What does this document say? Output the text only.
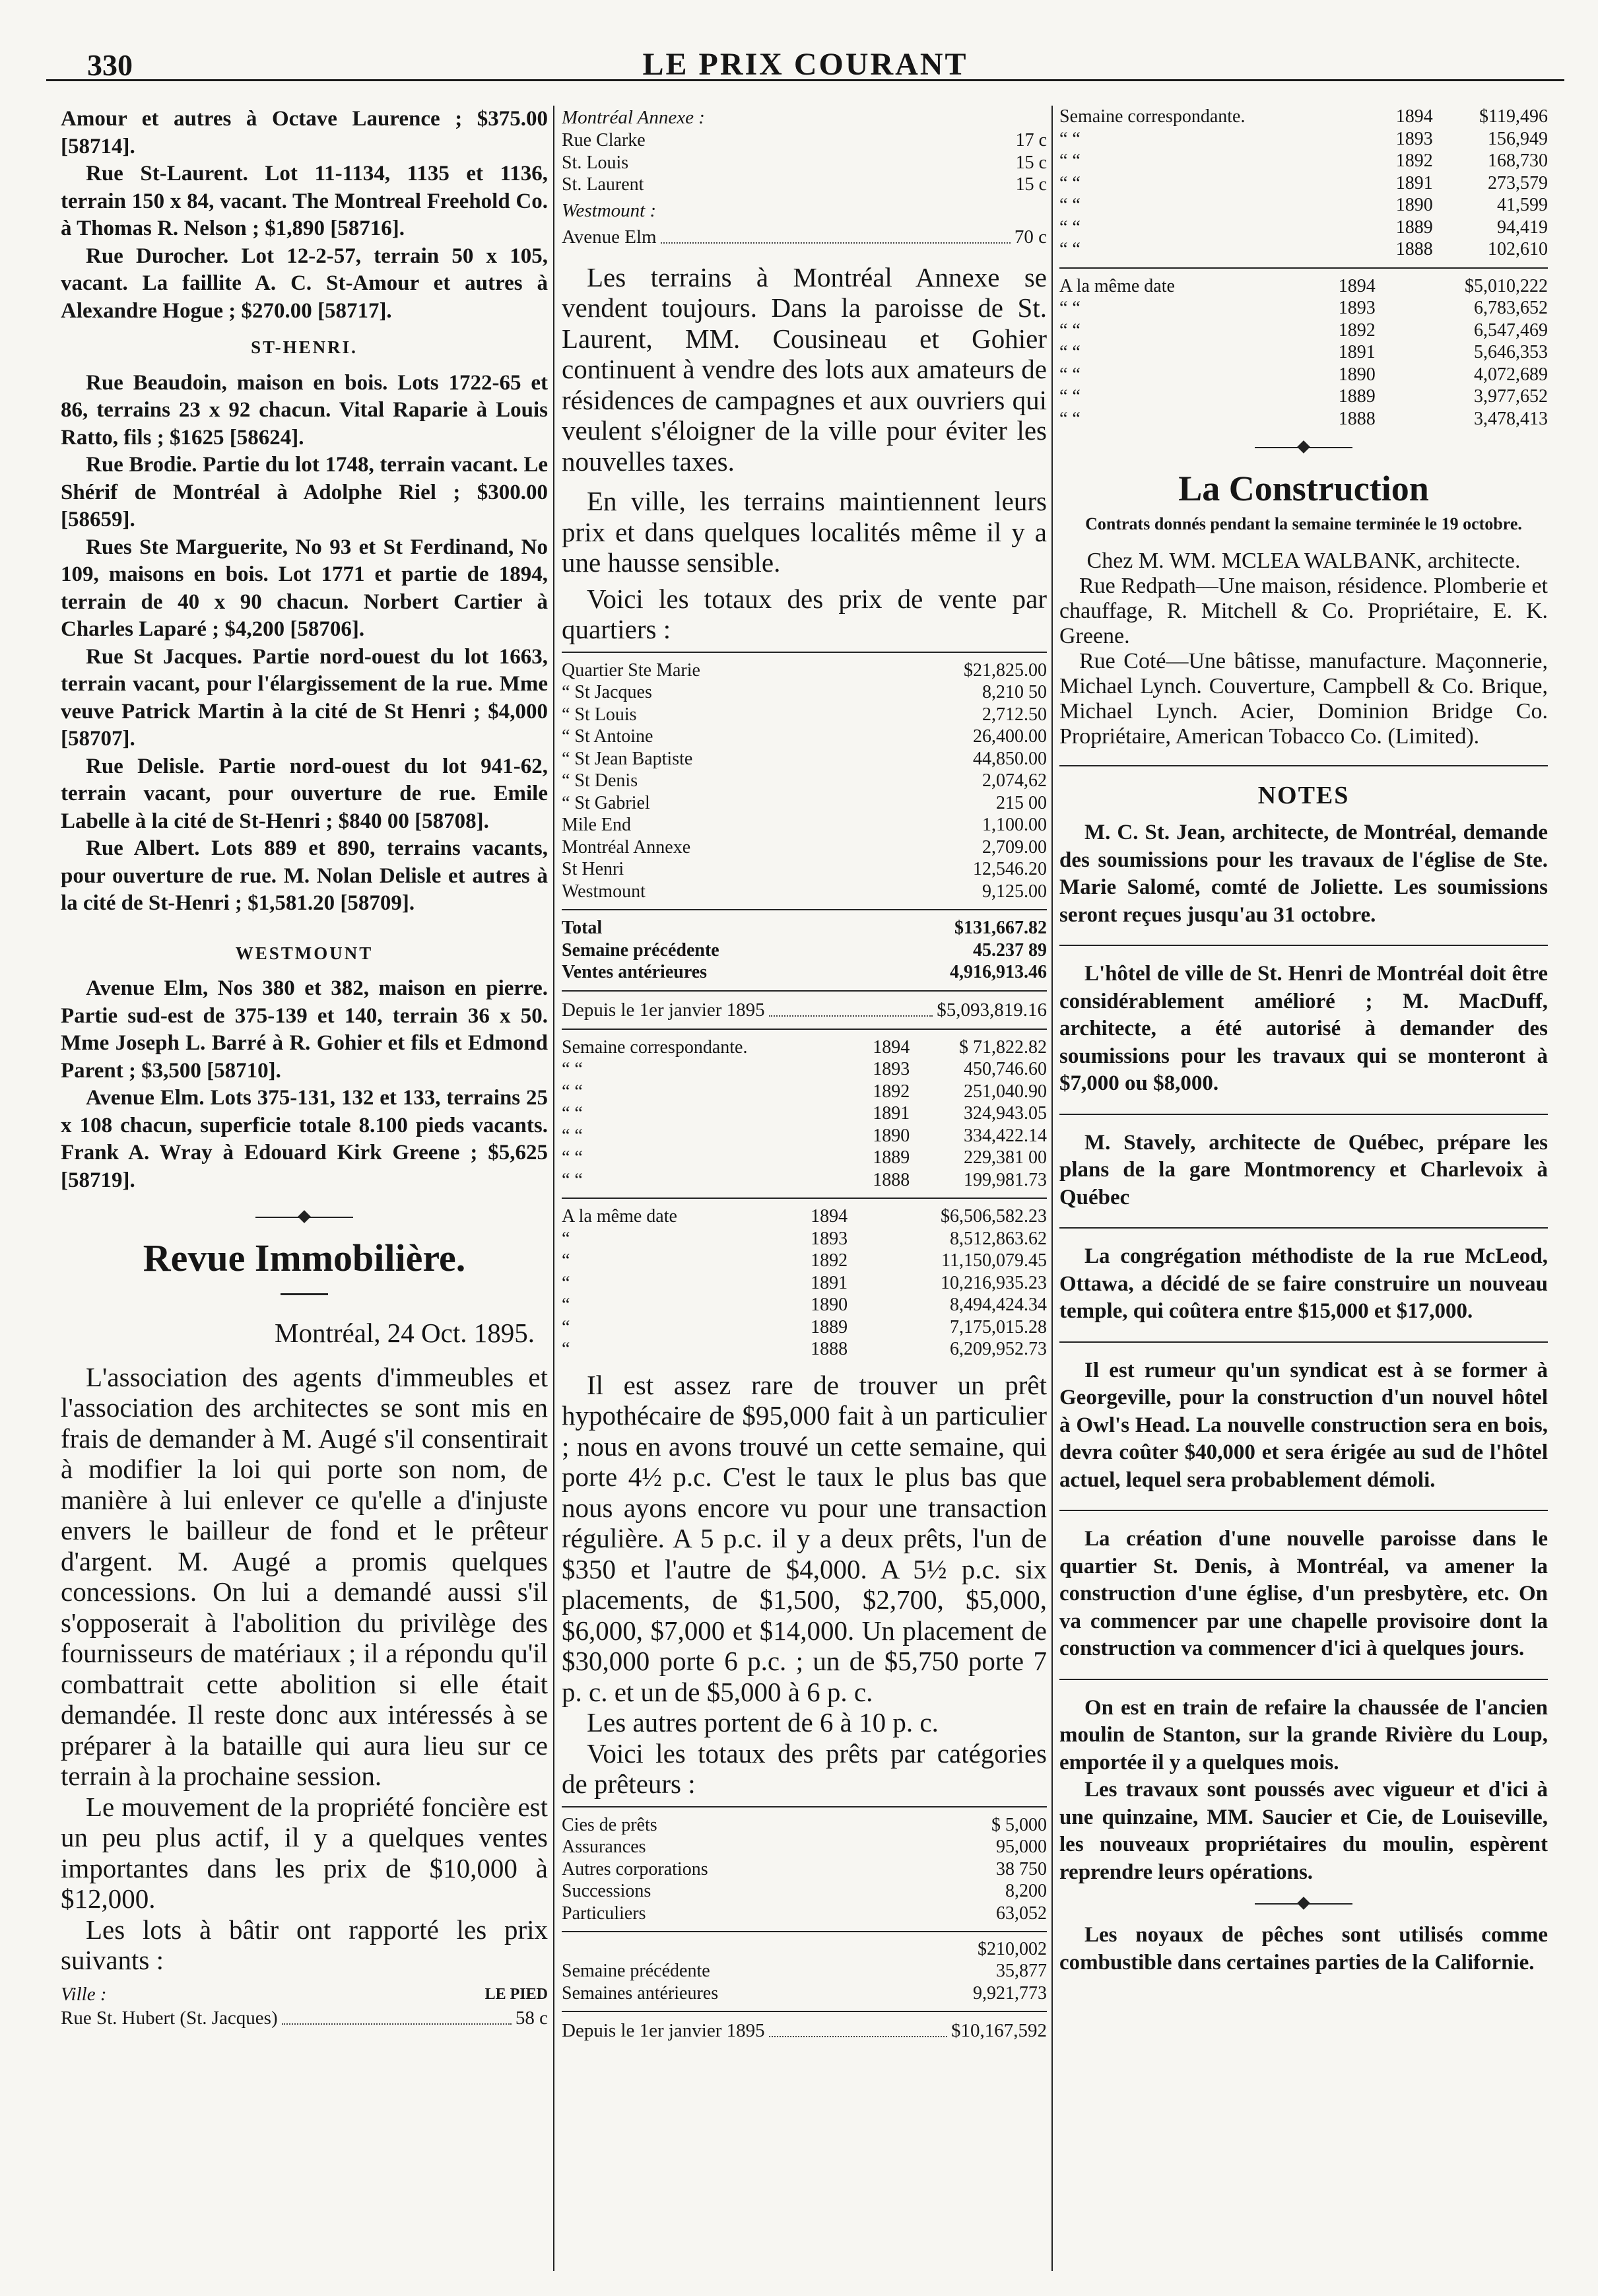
330	LE PRIX COURANT

Amour et autres à Octave Laurence ; $375.00 [58714].

Rue St-Laurent. Lot 11-1134, 1135 et 1136, terrain 150 x 84, vacant. The Montreal Freehold Co. à Thomas R. Nelson ; $1,890 [58716].

Rue Durocher. Lot 12-2-57, terrain 50 x 105, vacant. La faillite A. C. St-Amour et autres à Alexandre Hogue ; $270.00 [58717].

ST-HENRI.

Rue Beaudoin, maison en bois. Lots 1722-65 et 86, terrains 23 x 92 chacun. Vital Raparie à Louis Ratto, fils ; $1625 [58624].

Rue Brodie. Partie du lot 1748, terrain vacant. Le Shérif de Montréal à Adolphe Riel ; $300.00 [58659].

Rues Ste Marguerite, No 93 et St Ferdinand, No 109, maisons en bois. Lot 1771 et partie de 1894, terrain de 40 x 90 chacun. Norbert Cartier à Charles Laparé ; $4,200 [58706].

Rue St Jacques. Partie nord-ouest du lot 1663, terrain vacant, pour l'élargissement de la rue. Mme veuve Patrick Martin à la cité de St Henri ; $4,000 [58707].

Rue Delisle. Partie nord-ouest du lot 941-62, terrain vacant, pour ouverture de rue. Emile Labelle à la cité de St-Henri ; $840 00 [58708].

Rue Albert. Lots 889 et 890, terrains vacants, pour ouverture de rue. M. Nolan Delisle et autres à la cité de St-Henri ; $1,581.20 [58709].

WESTMOUNT

Avenue Elm, Nos 380 et 382, maison en pierre. Partie sud-est de 375-139 et 140, terrain 36 x 50. Mme Joseph L. Barré à R. Gohier et fils et Edmond Parent ; $3,500 [58710].

Avenue Elm. Lots 375-131, 132 et 133, terrains 25 x 108 chacun, superficie totale 8.100 pieds vacants. Frank A. Wray à Edouard Kirk Greene ; $5,625 [58719].

Revue Immobilière.

Montréal, 24 Oct. 1895.

L'association des agents d'immeubles et l'association des architectes se sont mis en frais de demander à M. Augé s'il consentirait à modifier la loi qui porte son nom, de manière à lui enlever ce qu'elle a d'injuste envers le bailleur de fond et le prêteur d'argent. M. Augé a promis quelques concessions. On lui a demandé aussi s'il s'opposerait à l'abolition du privilège des fournisseurs de matériaux ; il a répondu qu'il combattrait cette abolition si elle était demandée. Il reste donc aux intéressés à se préparer à la bataille qui aura lieu sur ce terrain à la prochaine session.

Le mouvement de la propriété foncière est un peu plus actif, il y a quelques ventes importantes dans les prix de $10,000 à $12,000.

Les lots à bâtir ont rapporté les prix suivants :

Ville :	LE PIED
Rue St. Hubert (St. Jacques)	58 c
Montréal Annexe :
Rue Clarke	17 c
St. Louis	15 c
St. Laurent	15 c
Westmount :
Avenue Elm	70 c

Les terrains à Montréal Annexe se vendent toujours. Dans la paroisse de St. Laurent, MM. Cousineau et Gohier continuent à vendre des lots aux amateurs de résidences de campagnes et aux ouvriers qui veulent s'éloigner de la ville pour éviter les nouvelles taxes.

En ville, les terrains maintiennent leurs prix et dans quelques localités même il y a une hausse sensible.

Voici les totaux des prix de vente par quartiers :

Quartier Ste Marie	$21,825.00
“ St Jacques	8,210 50
“ St Louis	2,712.50
“ St Antoine	26,400.00
“ St Jean Baptiste	44,850.00
“ St Denis	2,074,62
“ St Gabriel	215 00
Mile End	1,100.00
Montréal Annexe	2,709.00
St Henri	12,546.20
Westmount	9,125.00
Total	$131,667.82
Semaine précédente	45.237 89
Ventes antérieures	4,916,913.46
Depuis le 1er janvier 1895	$5,093,819.16
Semaine correspondante.	1894	$ 71,822.82
“ “	1893	450,746.60
“ “	1892	251,040.90
“ “	1891	324,943.05
“ “	1890	334,422.14
“ “	1889	229,381 00
“ “	1888	199,981.73
A la même date	1894	$6,506,582.23
“	1893	8,512,863.62
“	1892	11,150,079.45
“	1891	10,216,935.23
“	1890	8,494,424.34
“	1889	7,175,015.28
“	1888	6,209,952.73

Il est assez rare de trouver un prêt hypothécaire de $95,000 fait à un particulier ; nous en avons trouvé un cette semaine, qui porte 4½ p.c. C'est le taux le plus bas que nous ayons encore vu pour une transaction régulière. A 5 p.c. il y a deux prêts, l'un de $350 et l'autre de $4,000. A 5½ p.c. six placements, de $1,500, $2,700, $5,000, $6,000, $7,000 et $14,000. Un placement de $30,000 porte 6 p.c. ; un de $5,750 porte 7 p. c. et un de $5,000 à 6 p. c.

Les autres portent de 6 à 10 p. c.

Voici les totaux des prêts par catégories de prêteurs :

Cies de prêts	$ 5,000
Assurances	95,000
Autres corporations	38 750
Successions	8,200
Particuliers	63,052
$210,002
Semaine précédente	35,877
Semaines antérieures	9,921,773
Depuis le 1er janvier 1895	$10,167,592
Semaine correspondante.	1894	$119,496
“ “	1893	156,949
“ “	1892	168,730
“ “	1891	273,579
“ “	1890	41,599
“ “	1889	94,419
“ “	1888	102,610
A la même date	1894	$5,010,222
“ “	1893	6,783,652
“ “	1892	6,547,469
“ “	1891	5,646,353
“ “	1890	4,072,689
“ “	1889	3,977,652
“ “	1888	3,478,413
La Construction

Contrats donnés pendant la semaine terminée le 19 octobre.

Chez M. WM. MCLEA WALBANK, architecte.

Rue Redpath—Une maison, résidence. Plomberie et chauffage, R. Mitchell & Co. Propriétaire, E. K. Greene.

Rue Coté—Une bâtisse, manufacture. Maçonnerie, Michael Lynch. Couverture, Campbell & Co. Brique, Michael Lynch. Acier, Dominion Bridge Co. Propriétaire, American Tobacco Co. (Limited).

NOTES

M. C. St. Jean, architecte, de Montréal, demande des soumissions pour les travaux de l'église de Ste. Marie Salomé, comté de Joliette. Les soumissions seront reçues jusqu'au 31 octobre.

L'hôtel de ville de St. Henri de Montréal doit être considérablement amélioré ; M. MacDuff, architecte, a été autorisé à demander des soumissions pour les travaux qui se monteront à $7,000 ou $8,000.

M. Stavely, architecte de Québec, prépare les plans de la gare Montmorency et Charlevoix à Québec

La congrégation méthodiste de la rue McLeod, Ottawa, a décidé de se faire construire un nouveau temple, qui coûtera entre $15,000 et $17,000.

Il est rumeur qu'un syndicat est à se former à Georgeville, pour la construction d'un nouvel hôtel à Owl's Head. La nouvelle construction sera en bois, devra coûter $40,000 et sera érigée au sud de l'hôtel actuel, lequel sera probablement démoli.

La création d'une nouvelle paroisse dans le quartier St. Denis, à Montréal, va amener la construction d'une église, d'un presbytère, etc. On va commencer par une chapelle provisoire dont la construction va commencer d'ici à quelques jours.

On est en train de refaire la chaussée de l'ancien moulin de Stanton, sur la grande Rivière du Loup, emportée il y a quelques mois.

Les travaux sont poussés avec vigueur et d'ici à une quinzaine, MM. Saucier et Cie, de Louiseville, les nouveaux propriétaires du moulin, espèrent reprendre leurs opérations.

Les noyaux de pêches sont utilisés comme combustible dans certaines parties de la Californie.
